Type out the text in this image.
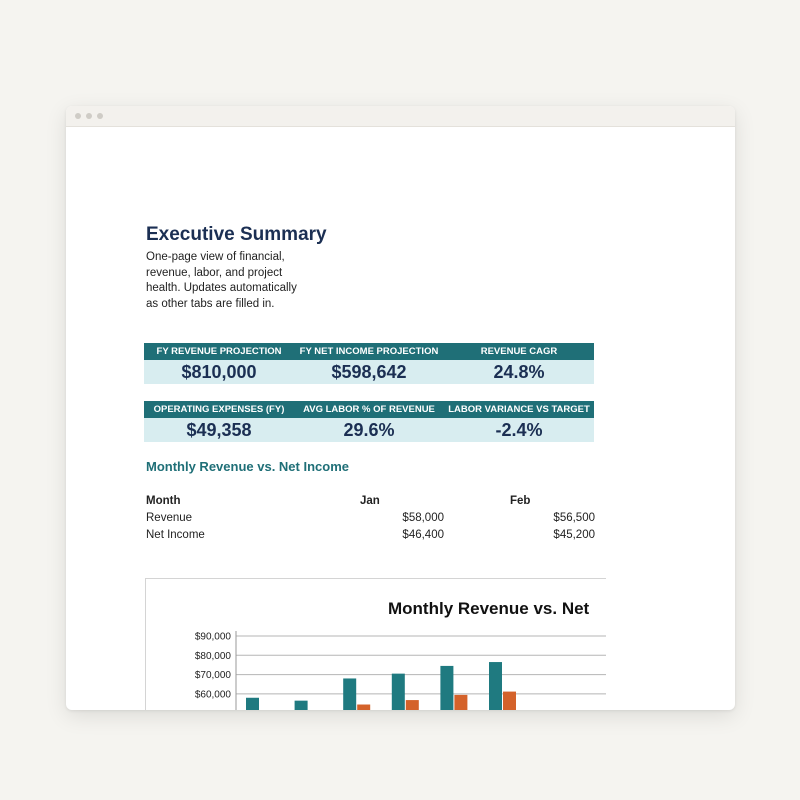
Executive Summary
One-page view of financial, revenue, labor, and project health. Updates automatically as other tabs are filled in.
FY REVENUE PROJECTION	FY NET INCOME PROJECTION	REVENUE CAGR
$810,000	$598,642	24.8%
OPERATING EXPENSES (FY)	AVG LABOR % OF REVENUE	LABOR VARIANCE VS TARGET
$49,358	29.6%	-2.4%
Monthly Revenue vs. Net Income
Month	Jan	Feb
Revenue	$58,000	$56,500
Net Income	$46,400	$45,200
Monthly Revenue vs. Net
$)
$90,000
$80,000
$70,000
$60,000
